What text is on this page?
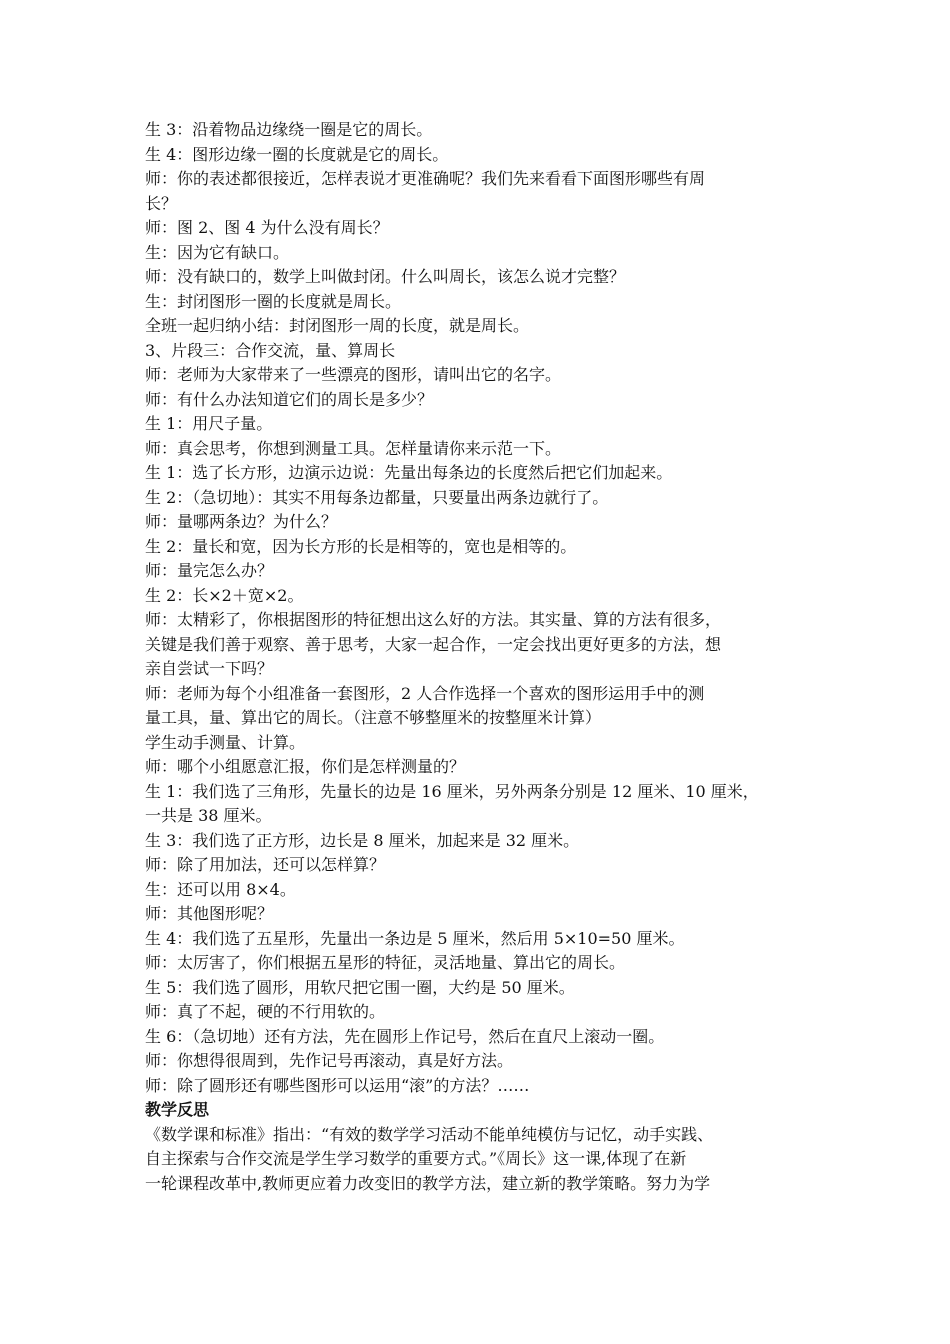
生 3：沿着物品边缘绕一圈是它的周长。
生 4：图形边缘一圈的长度就是它的周长。
师：你的表述都很接近，怎样表说才更准确呢？我们先来看看下面图形哪些有周
长？
师：图 2、图 4 为什么没有周长？
生：因为它有缺口。
师：没有缺口的，数学上叫做封闭。什么叫周长，该怎么说才完整？
生：封闭图形一圈的长度就是周长。
全班一起归纳小结：封闭图形一周的长度，就是周长。
3、片段三：合作交流，量、算周长
师：老师为大家带来了一些漂亮的图形，请叫出它的名字。
师：有什么办法知道它们的周长是多少？
生 1：用尺子量。
师：真会思考，你想到测量工具。怎样量请你来示范一下。
生 1：选了长方形，边演示边说：先量出每条边的长度然后把它们加起来。
生 2：（急切地）：其实不用每条边都量，只要量出两条边就行了。
师：量哪两条边？为什么？
生 2：量长和宽，因为长方形的长是相等的，宽也是相等的。
师：量完怎么办？
生 2：长×2＋宽×2。
师：太精彩了，你根据图形的特征想出这么好的方法。其实量、算的方法有很多，
关键是我们善于观察、善于思考，大家一起合作，一定会找出更好更多的方法，想
亲自尝试一下吗？
师：老师为每个小组准备一套图形，2 人合作选择一个喜欢的图形运用手中的测
量工具，量、算出它的周长。（注意不够整厘米的按整厘米计算）
学生动手测量、计算。
师：哪个小组愿意汇报，你们是怎样测量的？
生 1：我们选了三角形，先量长的边是 16 厘米，另外两条分别是 12 厘米、10 厘米，
一共是 38 厘米。
生 3：我们选了正方形，边长是 8 厘米，加起来是 32 厘米。
师：除了用加法，还可以怎样算？
生：还可以用 8×4。
师：其他图形呢？
生 4：我们选了五星形，先量出一条边是 5 厘米，然后用 5×10=50 厘米。
师：太厉害了，你们根据五星形的特征，灵活地量、算出它的周长。
生 5：我们选了圆形，用软尺把它围一圈，大约是 50 厘米。
师：真了不起，硬的不行用软的。
生 6：（急切地）还有方法，先在圆形上作记号，然后在直尺上滚动一圈。
师：你想得很周到，先作记号再滚动，真是好方法。
师：除了圆形还有哪些图形可以运用“滚”的方法？……
教学反思
《数学课和标准》指出：“有效的数学学习活动不能单纯模仿与记忆，动手实践、
自主探索与合作交流是学生学习数学的重要方式。”《周长》这一课,体现了在新
一轮课程改革中,教师更应着力改变旧的教学方法，建立新的教学策略。努力为学
